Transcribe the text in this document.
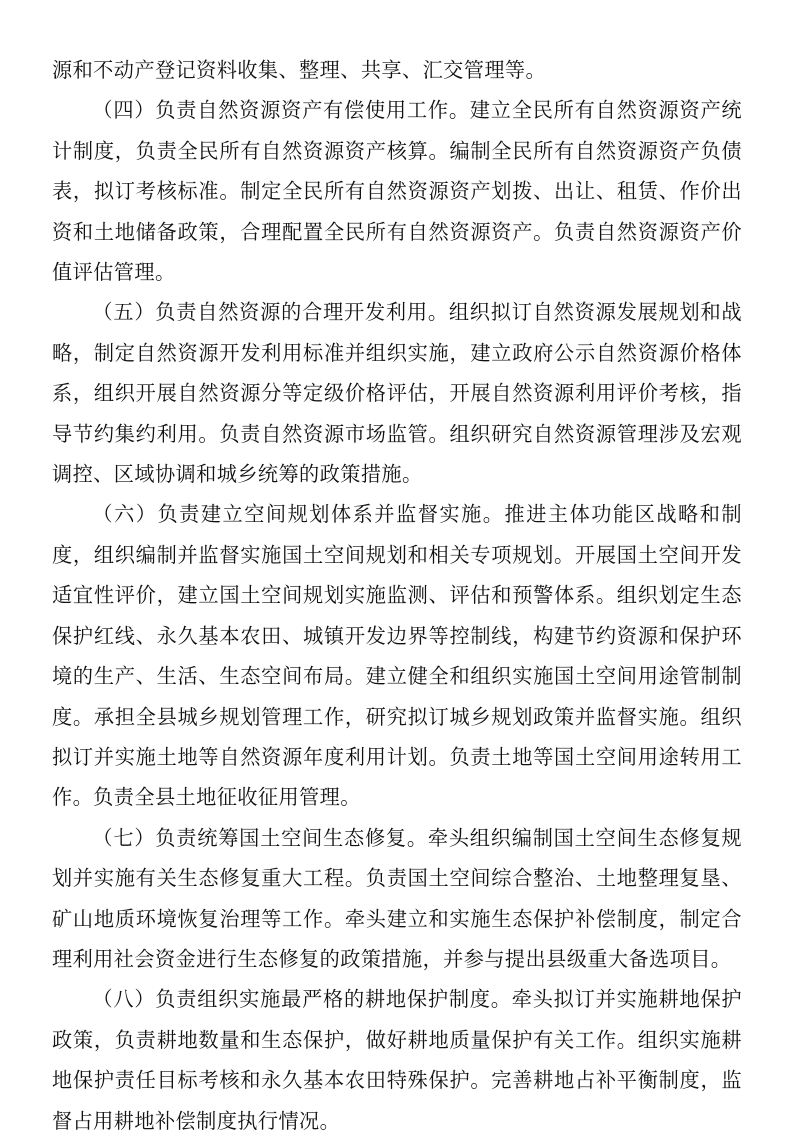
源和不动产登记资料收集、整理、共享、汇交管理等。

（四）负责自然资源资产有偿使用工作。建立全民所有自然资源资产统计制度，负责全民所有自然资源资产核算。编制全民所有自然资源资产负债表，拟订考核标准。制定全民所有自然资源资产划拨、出让、租赁、作价出资和土地储备政策，合理配置全民所有自然资源资产。负责自然资源资产价值评估管理。

（五）负责自然资源的合理开发利用。组织拟订自然资源发展规划和战略，制定自然资源开发利用标准并组织实施，建立政府公示自然资源价格体系，组织开展自然资源分等定级价格评估，开展自然资源利用评价考核，指导节约集约利用。负责自然资源市场监管。组织研究自然资源管理涉及宏观调控、区域协调和城乡统筹的政策措施。

（六）负责建立空间规划体系并监督实施。推进主体功能区战略和制度，组织编制并监督实施国土空间规划和相关专项规划。开展国土空间开发适宜性评价，建立国土空间规划实施监测、评估和预警体系。组织划定生态保护红线、永久基本农田、城镇开发边界等控制线，构建节约资源和保护环境的生产、生活、生态空间布局。建立健全和组织实施国土空间用途管制制度。承担全县城乡规划管理工作，研究拟订城乡规划政策并监督实施。组织拟订并实施土地等自然资源年度利用计划。负责土地等国土空间用途转用工作。负责全县土地征收征用管理。

（七）负责统筹国土空间生态修复。牵头组织编制国土空间生态修复规划并实施有关生态修复重大工程。负责国土空间综合整治、土地整理复垦、矿山地质环境恢复治理等工作。牵头建立和实施生态保护补偿制度，制定合理利用社会资金进行生态修复的政策措施，并参与提出县级重大备选项目。

（八）负责组织实施最严格的耕地保护制度。牵头拟订并实施耕地保护政策，负责耕地数量和生态保护，做好耕地质量保护有关工作。组织实施耕地保护责任目标考核和永久基本农田特殊保护。完善耕地占补平衡制度，监督占用耕地补偿制度执行情况。
